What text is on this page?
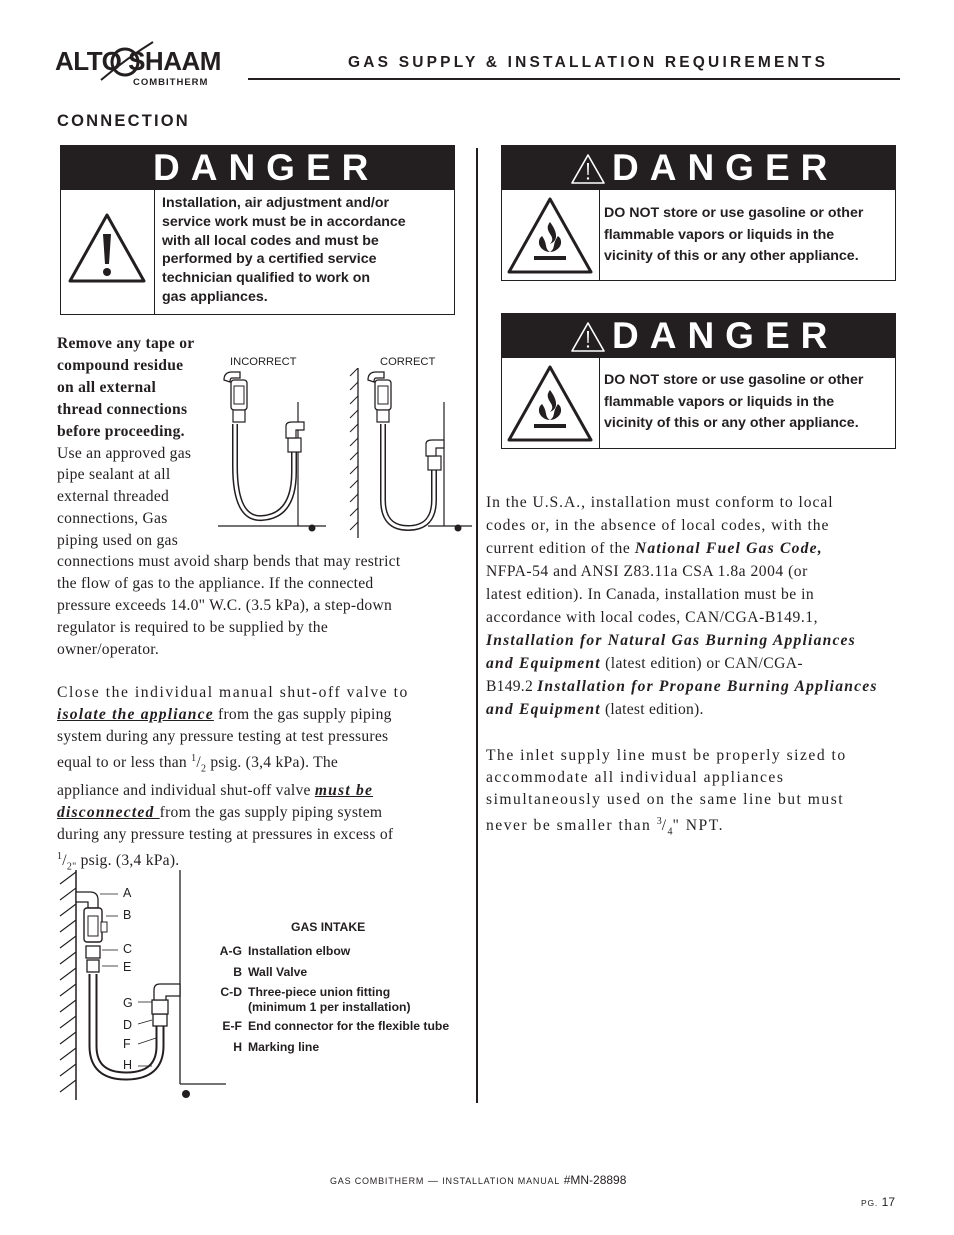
ALTO SHAAM
COMBITHERM
GAS SUPPLY & INSTALLATION REQUIREMENTS
CONNECTION
DANGER
Installation, air adjustment and/or
service work must be in accordance
with all local codes and must be
performed by a certified service
technician qualified to work on
gas appliances.
DANGER
DO NOT store or use gasoline or other
flammable vapors or liquids in the
vicinity of this or any other appliance.
DANGER
DO NOT store or use gasoline or other
flammable vapors or liquids in the
vicinity of this or any other appliance.
Remove any tape or
compound residue
on all external
thread connections
before proceeding.
Use an approved gas
pipe sealant at all
external threaded
connections, Gas
piping used on gas
connections must avoid sharp bends that may restrict
the flow of gas to the appliance. If the connected
pressure exceeds 14.0" W.C. (3.5 kPa), a step-down
regulator is required to be supplied by the
owner/operator.
Close the individual manual shut-off valve to
isolate the appliance from the gas supply piping
system during any pressure testing at test pressures
equal to or less than $^1/_2$ psig. (3,4 kPa). The
appliance and individual shut-off valve must be
disconnected from the gas supply piping system
during any pressure testing at pressures in excess of
$^1/_{2"}$ psig. (3,4 kPa).
INCORRECT	CORRECT
A
B
C
E
G
D
F
H
GAS INTAKE
A-G Installation elbow
B Wall Valve
C-D Three-piece union fitting
(minimum 1 per installation)
E-F End connector for the flexible tube
H Marking line
In the U.S.A., installation must conform to local
codes or, in the absence of local codes, with the
current edition of the National Fuel Gas Code,
NFPA-54 and ANSI Z83.11a CSA 1.8a 2004 (or
latest edition). In Canada, installation must be in
accordance with local codes, CAN/CGA-B149.1,
Installation for Natural Gas Burning Appliances
and Equipment (latest edition) or CAN/CGA-
B149.2 Installation for Propane Burning Appliances
and Equipment (latest edition).
The inlet supply line must be properly sized to
accommodate all individual appliances
simultaneously used on the same line but must
never be smaller than $^3/_4$" NPT.
GAS COMBITHERM — INSTALLATION MANUAL #MN-28898
PG. 17
